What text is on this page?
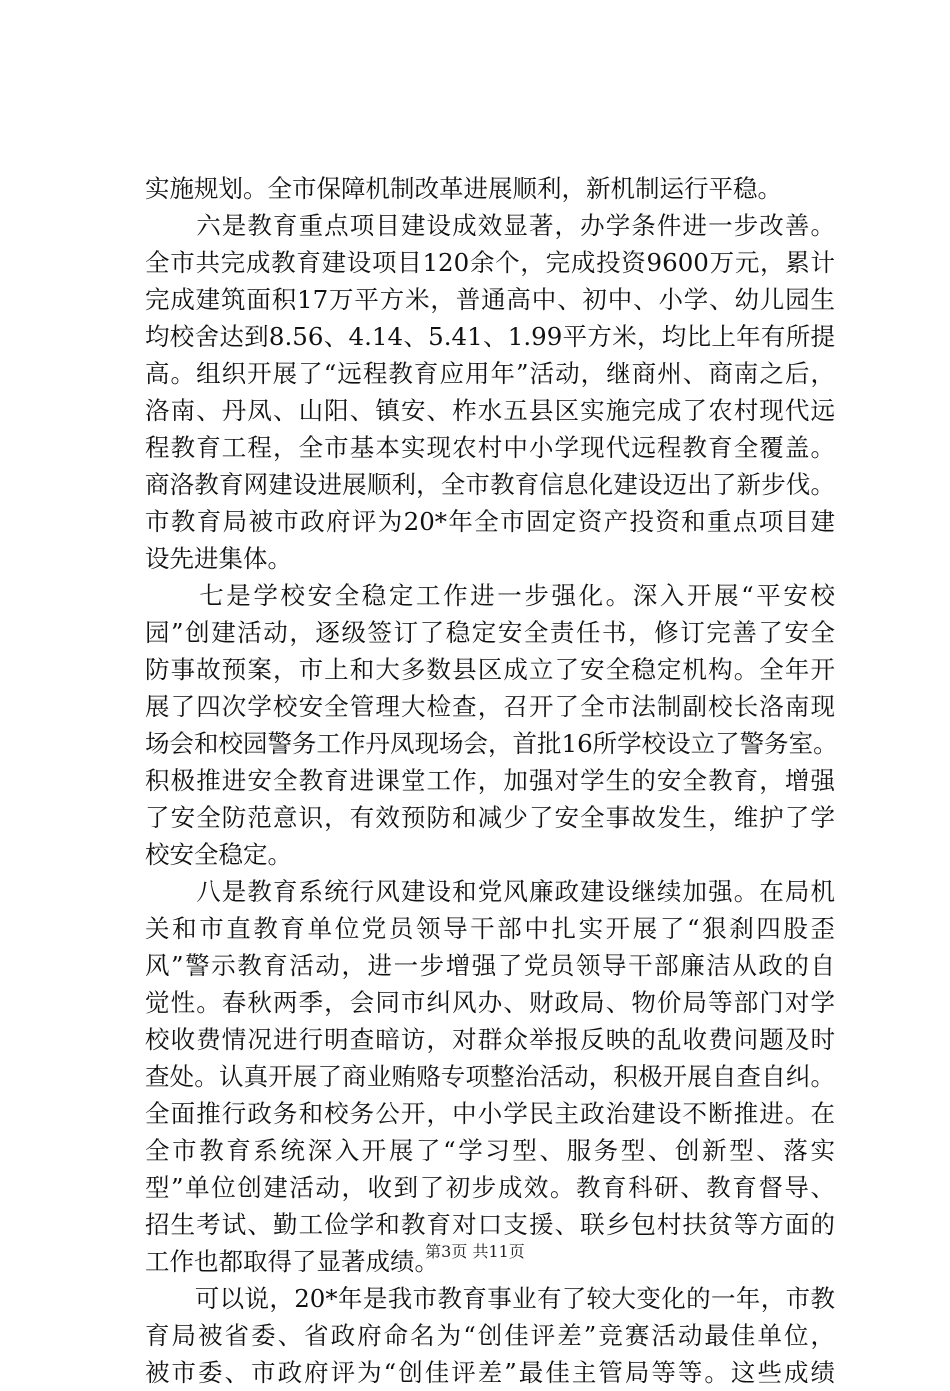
实施规划。全市保障机制改革进展顺利，新机制运行平稳。
　　六是教育重点项目建设成效显著，办学条件进一步改善。
全市共完成教育建设项目120余个，完成投资9600万元，累计
完成建筑面积17万平方米，普通高中、初中、小学、幼儿园生
均校舍达到8.56、4.14、5.41、1.99平方米，均比上年有所提
高。组织开展了“远程教育应用年”活动，继商州、商南之后，
洛南、丹凤、山阳、镇安、柞水五县区实施完成了农村现代远
程教育工程，全市基本实现农村中小学现代远程教育全覆盖。
商洛教育网建设进展顺利，全市教育信息化建设迈出了新步伐。
市教育局被市政府评为20*年全市固定资产投资和重点项目建
设先进集体。
　　七是学校安全稳定工作进一步强化。深入开展“平安校
园”创建活动，逐级签订了稳定安全责任书，修订完善了安全
防事故预案，市上和大多数县区成立了安全稳定机构。全年开
展了四次学校安全管理大检查，召开了全市法制副校长洛南现
场会和校园警务工作丹凤现场会，首批16所学校设立了警务室。
积极推进安全教育进课堂工作，加强对学生的安全教育，增强
了安全防范意识，有效预防和减少了安全事故发生，维护了学
校安全稳定。
　　八是教育系统行风建设和党风廉政建设继续加强。在局机
关和市直教育单位党员领导干部中扎实开展了“狠刹四股歪
风”警示教育活动，进一步增强了党员领导干部廉洁从政的自
觉性。春秋两季，会同市纠风办、财政局、物价局等部门对学
校收费情况进行明查暗访，对群众举报反映的乱收费问题及时
查处。认真开展了商业贿赂专项整治活动，积极开展自查自纠。
全面推行政务和校务公开，中小学民主政治建设不断推进。在
全市教育系统深入开展了“学习型、服务型、创新型、落实
型”单位创建活动，收到了初步成效。教育科研、教育督导、
招生考试、勤工俭学和教育对口支援、联乡包村扶贫等方面的
工作也都取得了显著成绩。
　　可以说，20*年是我市教育事业有了较大变化的一年，市教
育局被省委、省政府命名为“创佳评差”竞赛活动最佳单位，
被市委、市政府评为“创佳评差”最佳主管局等等。这些成绩
第3页 共11页
